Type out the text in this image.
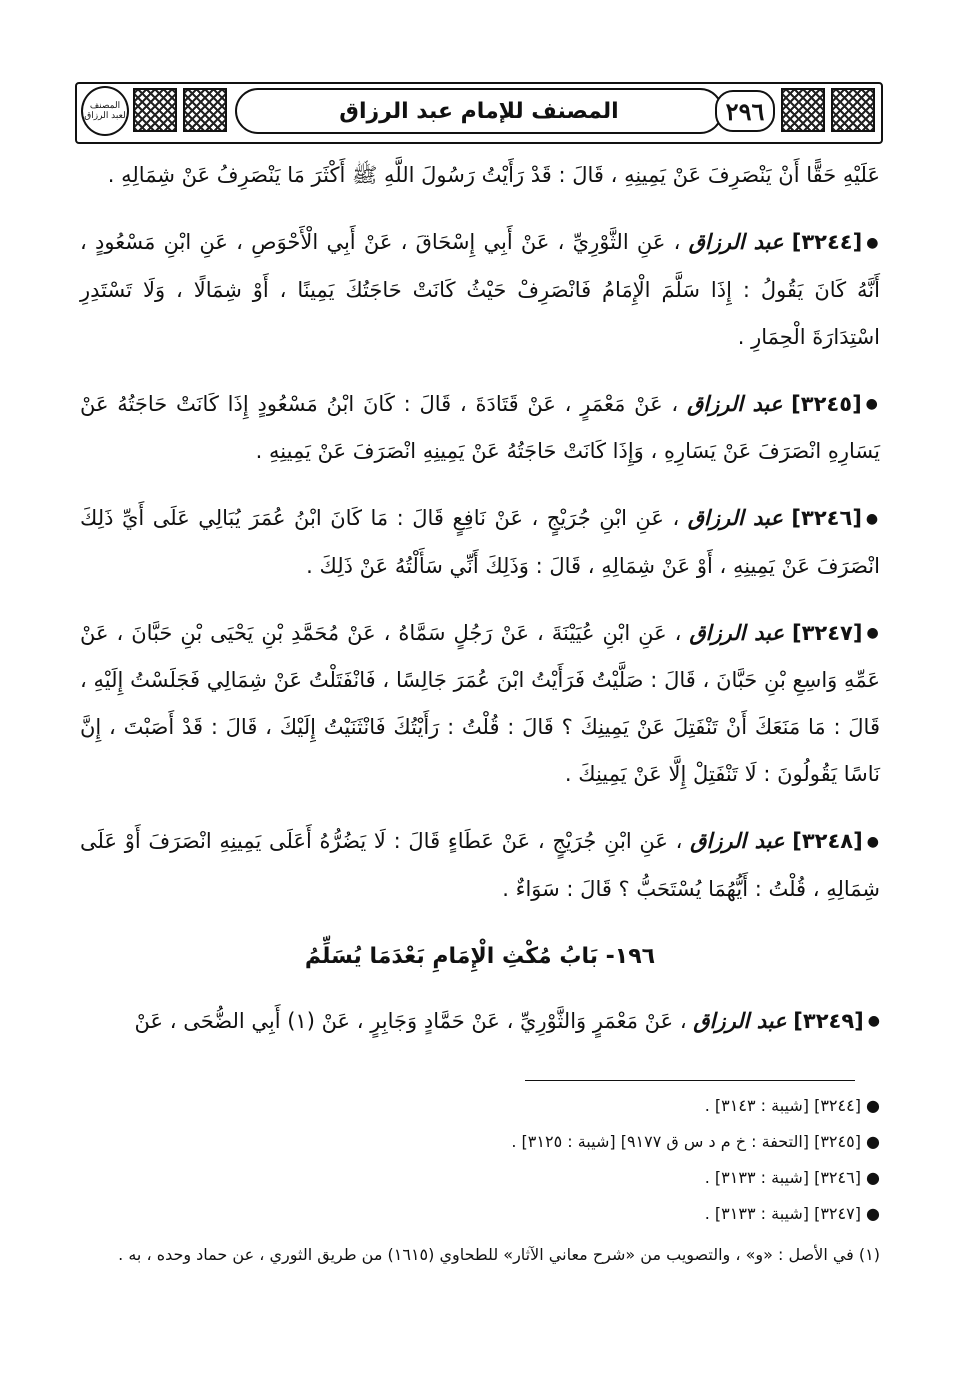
المصنف لعبد الرزاق	المصنف للإمام عبد الرزاق	٢٩٦

عَلَيْهِ حَقًّا أَنْ يَنْصَرِفَ عَنْ يَمِينِهِ ، قَالَ : قَدْ رَأَيْتُ رَسُولَ اللَّهِ ﷺ أَكْثَرَ مَا يَنْصَرِفُ عَنْ شِمَالِهِ .

●[٣٢٤٤] عبد الرزاق ، عَنِ الثَّوْرِيِّ ، عَنْ أَبِي إِسْحَاقَ ، عَنْ أَبِي الْأَحْوَصِ ، عَنِ ابْنِ مَسْعُودٍ ، أَنَّهُ كَانَ يَقُولُ : إِذَا سَلَّمَ الْإِمَامُ فَانْصَرِفْ حَيْثُ كَانَتْ حَاجَتُكَ يَمِينًا ، أَوْ شِمَالًا ، وَلَا تَسْتَدِرِ اسْتِدَارَةَ الْحِمَارِ .

●[٣٢٤٥] عبد الرزاق ، عَنْ مَعْمَرٍ ، عَنْ قَتَادَةَ ، قَالَ : كَانَ ابْنُ مَسْعُودٍ إِذَا كَانَتْ حَاجَتُهُ عَنْ يَسَارِهِ انْصَرَفَ عَنْ يَسَارِهِ ، وَإِذَا كَانَتْ حَاجَتُهُ عَنْ يَمِينِهِ انْصَرَفَ عَنْ يَمِينِهِ .

●[٣٢٤٦] عبد الرزاق ، عَنِ ابْنِ جُرَيْجٍ ، عَنْ نَافِعٍ قَالَ : مَا كَانَ ابْنُ عُمَرَ يُبَالِي عَلَى أَيِّ ذَلِكَ انْصَرَفَ عَنْ يَمِينِهِ ، أَوْ عَنْ شِمَالِهِ ، قَالَ : وَذَلِكَ أَنِّي سَأَلْتُهُ عَنْ ذَلِكَ .

●[٣٢٤٧] عبد الرزاق ، عَنِ ابْنِ عُيَيْنَةَ ، عَنْ رَجُلٍ سَمَّاهُ ، عَنْ مُحَمَّدِ بْنِ يَحْيَى بْنِ حَبَّانَ ، عَنْ عَمِّهِ وَاسِعِ بْنِ حَبَّانَ ، قَالَ : صَلَّيْتُ فَرَأَيْتُ ابْنَ عُمَرَ جَالِسًا ، فَانْفَتَلْتُ عَنْ شِمَالِي فَجَلَسْتُ إِلَيْهِ ، قَالَ : مَا مَنَعَكَ أَنْ تَنْفَتِلَ عَنْ يَمِينِكَ ؟ قَالَ : قُلْتُ : رَأَيْتُكَ فَانْثَنَيْتُ إِلَيْكَ ، قَالَ : قَدْ أَصَبْتَ ، إِنَّ نَاسًا يَقُولُونَ : لَا تَنْفَتِلْ إِلَّا عَنْ يَمِينِكَ .

●[٣٢٤٨] عبد الرزاق ، عَنِ ابْنِ جُرَيْجٍ ، عَنْ عَطَاءٍ قَالَ : لَا يَضُرُّهُ أَعَلَى يَمِينِهِ انْصَرَفَ أَوْ عَلَى شِمَالِهِ ، قُلْتُ : أَيُّهُمَا يُسْتَحَبُّ ؟ قَالَ : سَوَاءٌ .

١٩٦- بَابُ مُكْثِ الْإِمَامِ بَعْدَمَا يُسَلِّمُ

●[٣٢٤٩] عبد الرزاق ، عَنْ مَعْمَرٍ وَالثَّوْرِيِّ ، عَنْ حَمَّادٍ وَجَابِرٍ ، عَنْ (١) أَبِي الضُّحَى ، عَنْ

● [٣٢٤٤] [شيبة : ٣١٤٣] .
● [٣٢٤٥] [التحفة : خ م د س ق ٩١٧٧] [شيبة : ٣١٢٥] .
● [٣٢٤٦] [شيبة : ٣١٣٣] .
● [٣٢٤٧] [شيبة : ٣١٣٣] .
(١) في الأصل : «و» ، والتصويب من «شرح معاني الآثار» للطحاوي (١٦١٥) من طريق الثوري ، عن حماد وحده ، به .
